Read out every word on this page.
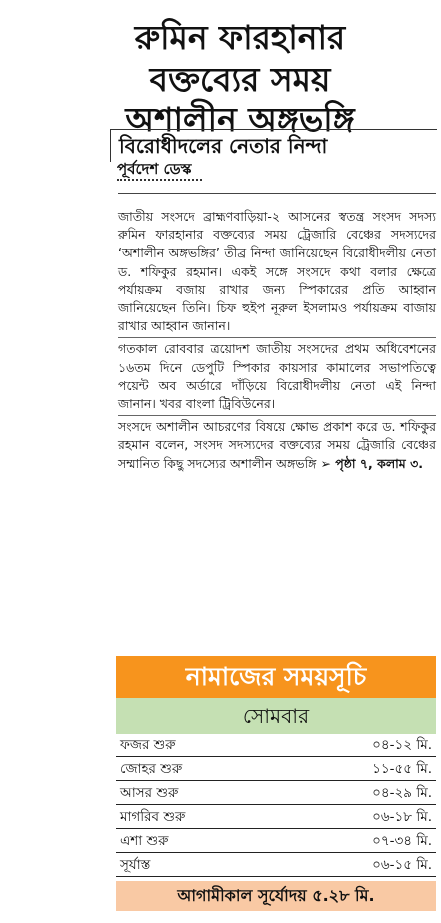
রুমিন ফারহানার
বক্তব্যের সময়
অশালীন অঙ্গভঙ্গি
বিরোধীদলের নেতার নিন্দা
পূর্বদেশ ডেস্ক

জাতীয় সংসদে ব্রাহ্মণবাড়িয়া-২ আসনের স্বতন্ত্র সংসদ সদস্য রুমিন ফারহানার বক্তব্যের সময় ট্রেজারি বেঞ্চের সদস্যদের ‘অশালীন অঙ্গভঙ্গির’ তীব্র নিন্দা জানিয়েছেন বিরোধীদলীয় নেতা ড. শফিকুর রহমান। একই সঙ্গে সংসদে কথা বলার ক্ষেত্রে পর্যায়ক্রম বজায় রাখার জন্য স্পিকারের প্রতি আহ্বান জানিয়েছেন তিনি। চিফ হুইপ নূরুল ইসলামও পর্যায়ক্রম বাজায় রাখার আহ্বান জানান।

গতকাল রোববার ত্রয়োদশ জাতীয় সংসদের প্রথম অধিবেশনের ১৬তম দিনে ডেপুটি স্পিকার কায়সার কামালের সভাপতিত্বে পয়েন্ট অব অর্ডারে দাঁড়িয়ে বিরোধীদলীয় নেতা এই নিন্দা জানান। খবর বাংলা ট্রিবিউনের।

সংসদে অশালীন আচরণের বিষয়ে ক্ষোভ প্রকাশ করে ড. শফিকুর রহমান বলেন, সংসদ সদস্যদের বক্তব্যের সময় ট্রেজারি বেঞ্চের সম্মানিত কিছু সদস্যের অশালীন অঙ্গভঙ্গি ➢ পৃষ্ঠা ৭, কলাম ৩.

নামাজের সময়সূচি
সোমবার
ফজর শুরু	০৪-১২ মি.
জোহর শুরু	১১-৫৫ মি.
আসর শুরু	০৪-২৯ মি.
মাগরিব শুরু	০৬-১৮ মি.
এশা শুরু	০৭-৩৪ মি.
সূর্যাস্ত	০৬-১৫ মি.
আগামীকাল সূর্যোদয় ৫.২৮ মি.
